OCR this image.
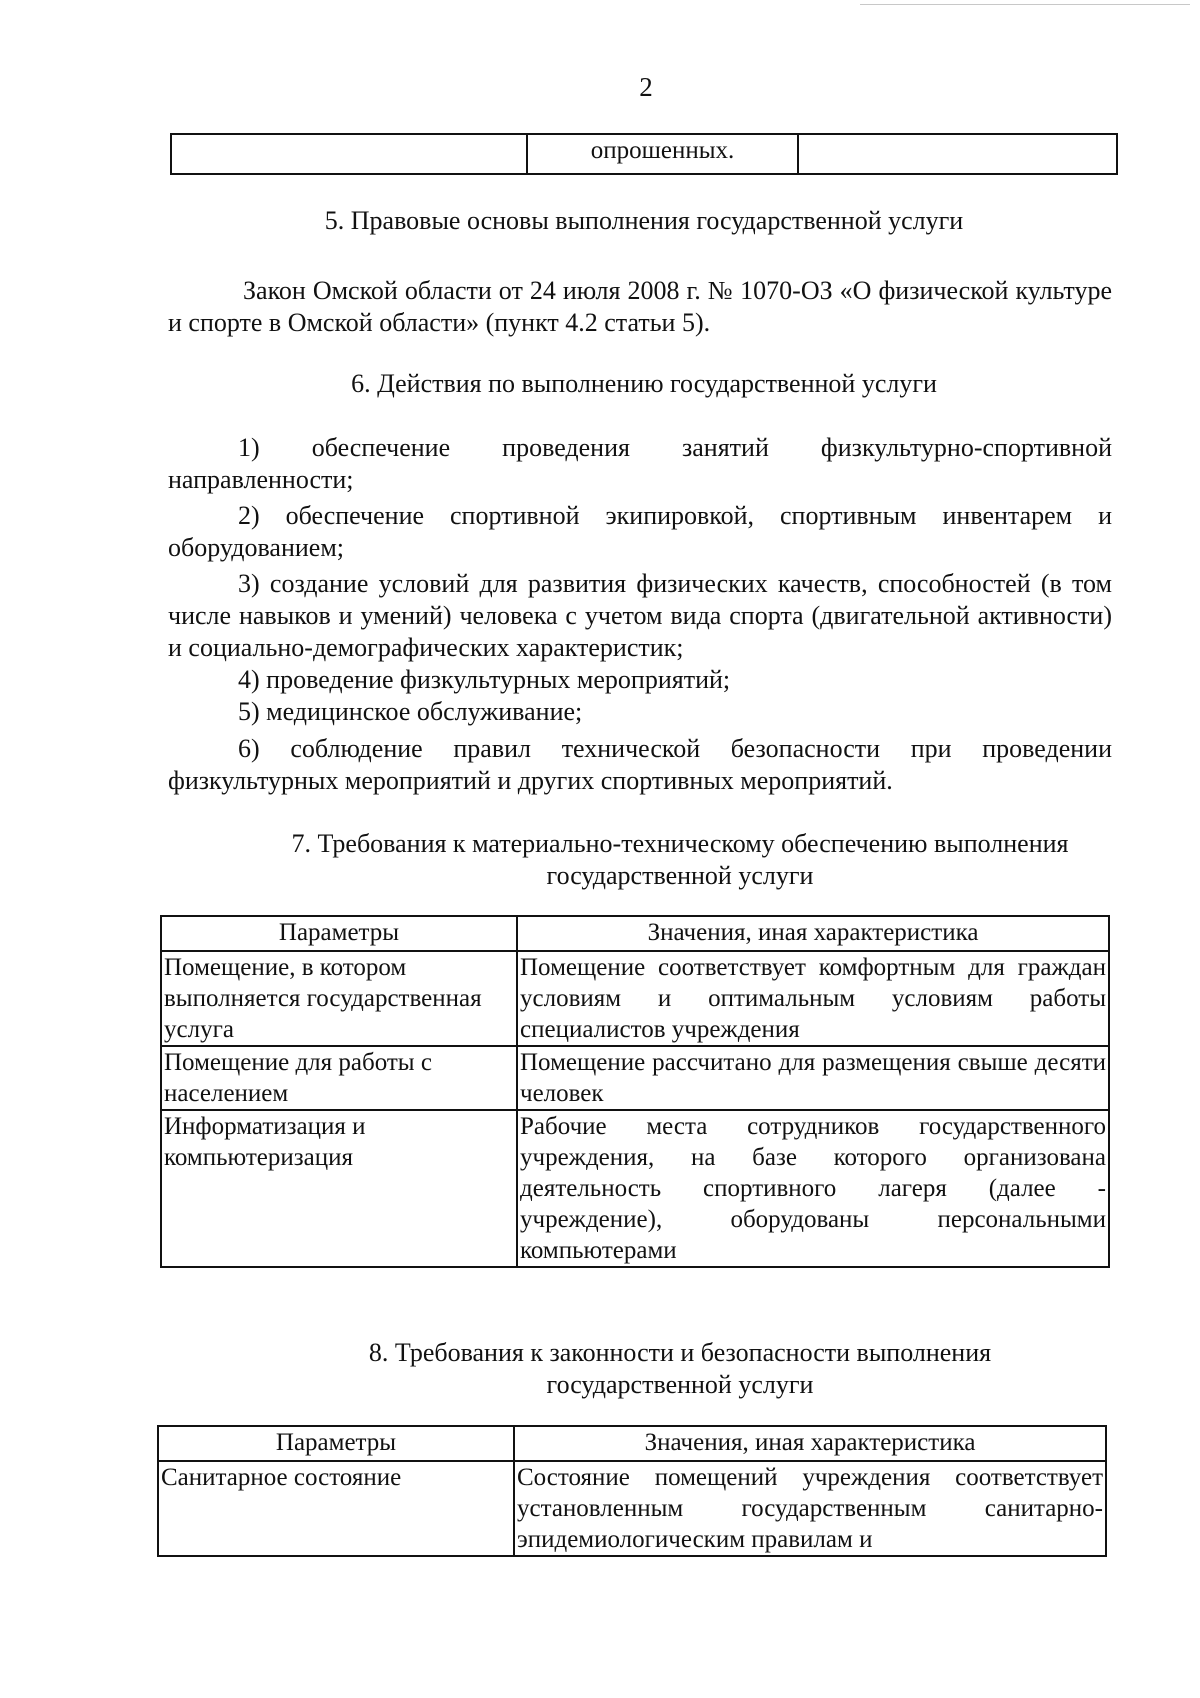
2
	опрошенных.	
5. Правовые основы выполнения государственной услуги
Закон Омской области от 24 июля 2008 г. № 1070-ОЗ «О физической культуре и спорте в Омской области» (пункт 4.2 статьи 5).
6. Действия по выполнению государственной услуги
1) обеспечение проведения занятий физкультурно-спортивной направленности;
2) обеспечение спортивной экипировкой, спортивным инвентарем и оборудованием;
3) создание условий для развития физических качеств, способностей (в том числе навыков и умений) человека с учетом вида спорта (двигательной активности) и социально-демографических характеристик;
4) проведение физкультурных мероприятий;
5) медицинское обслуживание;
6) соблюдение правил технической безопасности при проведении физкультурных мероприятий и других спортивных мероприятий.
7. Требования к материально-техническому обеспечению выполнения
государственной услуги
Параметры	Значения, иная характеристика
Помещение, в котором выполняется государственная услуга	Помещение соответствует комфортным для граждан условиям и оптимальным условиям работы специалистов учреждения
Помещение для работы с населением	Помещение рассчитано для размещения свыше десяти человек
Информатизация и компьютеризация	Рабочие места сотрудников государственного учреждения, на базе которого организована деятельность спортивного лагеря (далее - учреждение), оборудованы персональными компьютерами
8. Требования к законности и безопасности выполнения
государственной услуги
Параметры	Значения, иная характеристика
Санитарное состояние	Состояние помещений учреждения соответствует установленным государственным санитарно-эпидемиологическим правилам и
